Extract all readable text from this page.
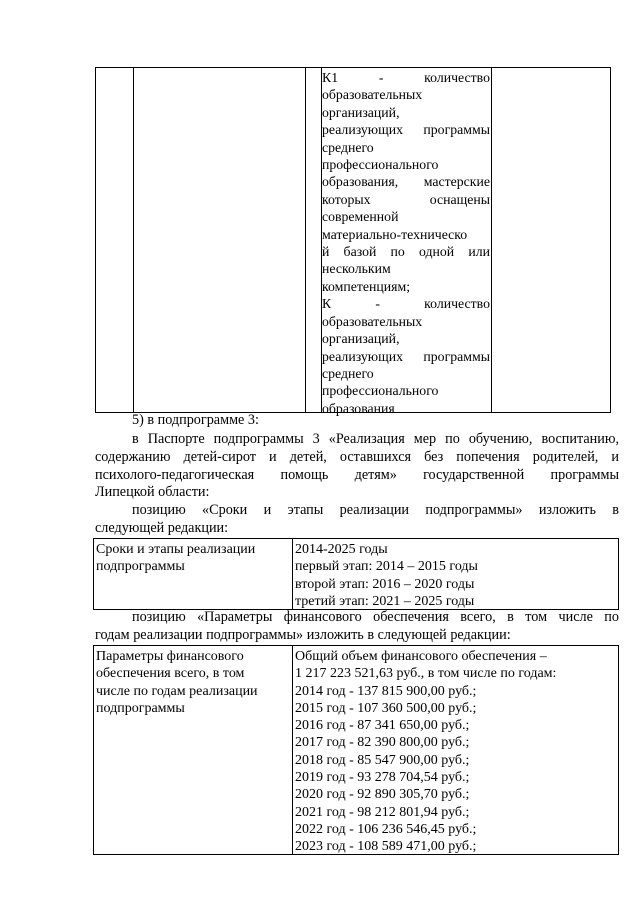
К1 - количество

образовательных

организаций,

реализующих программы

среднего

профессионального

образования, мастерские

которых оснащены

современной

материально-техническо

й базой по одной или

нескольким

компетенциям;

К - количество

образовательных

организаций,

реализующих программы

среднего

профессионального

образования

5) в подпрограмме 3:

в Паспорте подпрограммы 3 «Реализация мер по обучению, воспитанию,

содержанию детей-сирот и детей, оставшихся без попечения родителей, и

психолого-педагогическая помощь детям» государственной программы

Липецкой области:

позицию «Сроки и этапы реализации подпрограммы» изложить в

следующей редакции:

Сроки и этапы реализации
подпрограммы
2014-2025 годы
первый этап: 2014 – 2015 годы
второй этап: 2016 – 2020 годы
третий этап: 2021 – 2025 годы

позицию «Параметры финансового обеспечения всего, в том числе по

годам реализации подпрограммы» изложить в следующей редакции:

Параметры финансового
обеспечения всего, в том
числе по годам реализации
подпрограммы
Общий объем финансового обеспечения –
1 217 223 521,63 руб., в том числе по годам:
2014 год - 137 815 900,00 руб.;
2015 год - 107 360 500,00 руб.;
2016 год - 87 341 650,00 руб.;
2017 год - 82 390 800,00 руб.;
2018 год - 85 547 900,00 руб.;
2019 год - 93 278 704,54 руб.;
2020 год - 92 890 305,70 руб.;
2021 год - 98 212 801,94 руб.;
2022 год - 106 236 546,45 руб.;
2023 год - 108 589 471,00 руб.;
